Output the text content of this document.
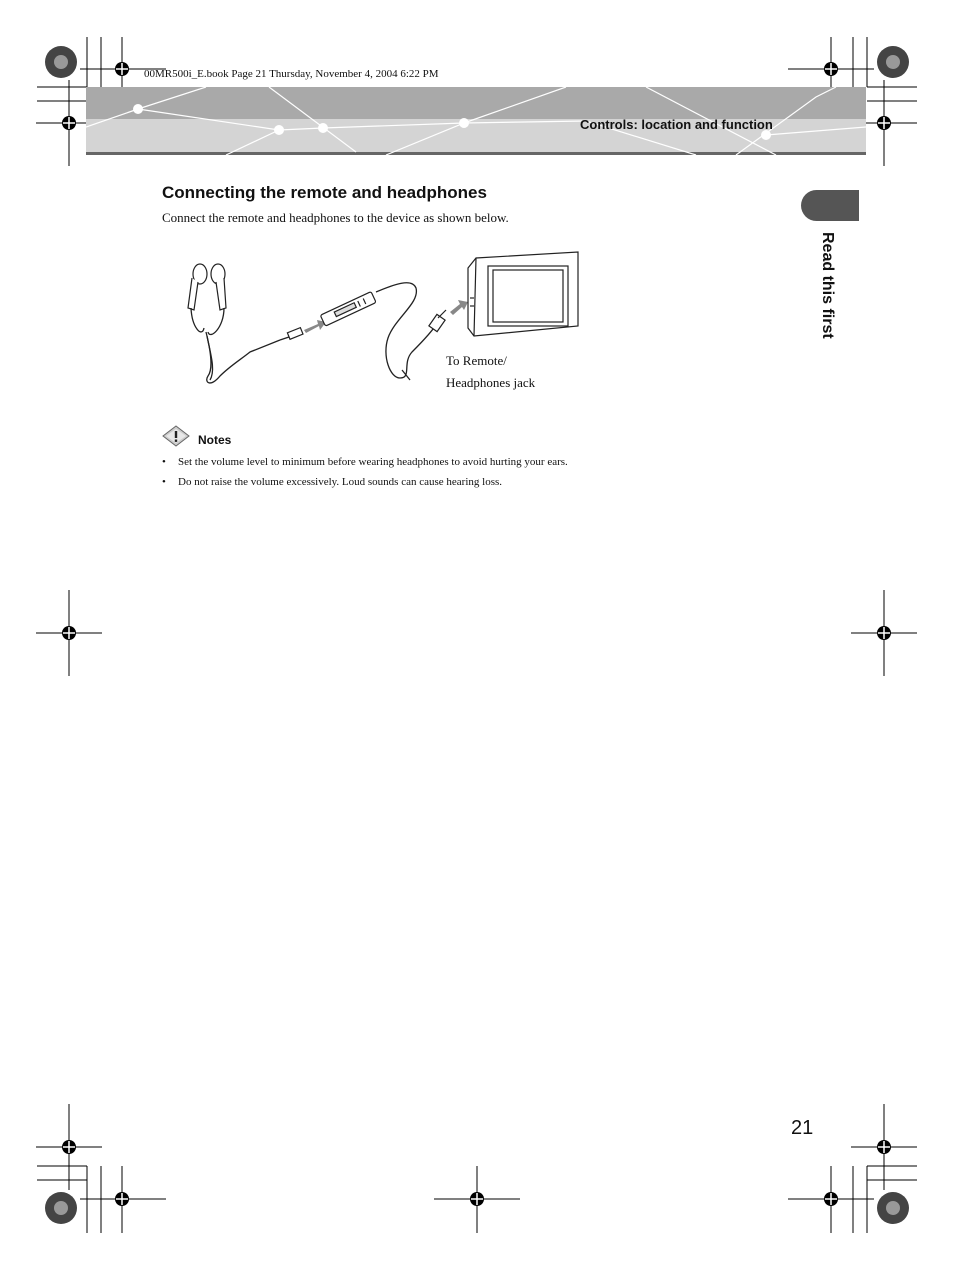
00MR500i_E.book Page 21 Thursday, November 4, 2004 6:22 PM
Controls: location and function
Read this first
Connecting the remote and headphones
Connect the remote and headphones to the device as shown below.
To Remote/
Headphones jack
Notes
• Set the volume level to minimum before wearing headphones to avoid hurting your ears.
• Do not raise the volume excessively. Loud sounds can cause hearing loss.
21
